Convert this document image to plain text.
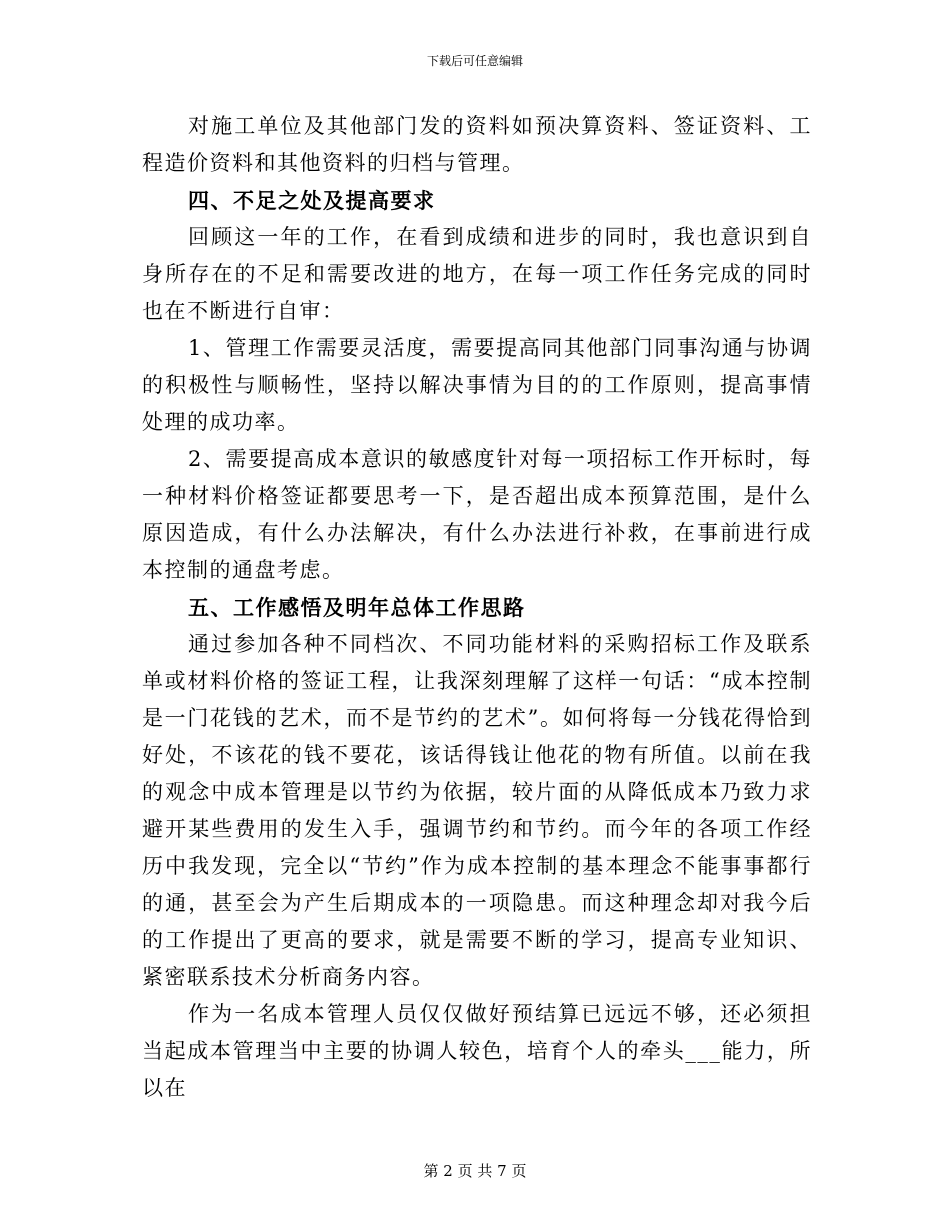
下载后可任意编辑

对施工单位及其他部门发的资料如预决算资料、签证资料、工程造价资料和其他资料的归档与管理。

四、不足之处及提高要求

回顾这一年的工作，在看到成绩和进步的同时，我也意识到自身所存在的不足和需要改进的地方，在每一项工作任务完成的同时也在不断进行自审：

1、管理工作需要灵活度，需要提高同其他部门同事沟通与协调的积极性与顺畅性，坚持以解决事情为目的的工作原则，提高事情处理的成功率。

2、需要提高成本意识的敏感度针对每一项招标工作开标时，每一种材料价格签证都要思考一下，是否超出成本预算范围，是什么原因造成，有什么办法解决，有什么办法进行补救，在事前进行成本控制的通盘考虑。

五、工作感悟及明年总体工作思路

通过参加各种不同档次、不同功能材料的采购招标工作及联系单或材料价格的签证工程，让我深刻理解了这样一句话：“成本控制是一门花钱的艺术，而不是节约的艺术”。如何将每一分钱花得恰到好处，不该花的钱不要花，该话得钱让他花的物有所值。以前在我的观念中成本管理是以节约为依据，较片面的从降低成本乃致力求避开某些费用的发生入手，强调节约和节约。而今年的各项工作经历中我发现，完全以“节约”作为成本控制的基本理念不能事事都行的通，甚至会为产生后期成本的一项隐患。而这种理念却对我今后的工作提出了更高的要求，就是需要不断的学习，提高专业知识、紧密联系技术分析商务内容。

作为一名成本管理人员仅仅做好预结算已远远不够，还必须担当起成本管理当中主要的协调人较色，培育个人的牵头___能力，所以在

第 2 页 共 7 页
